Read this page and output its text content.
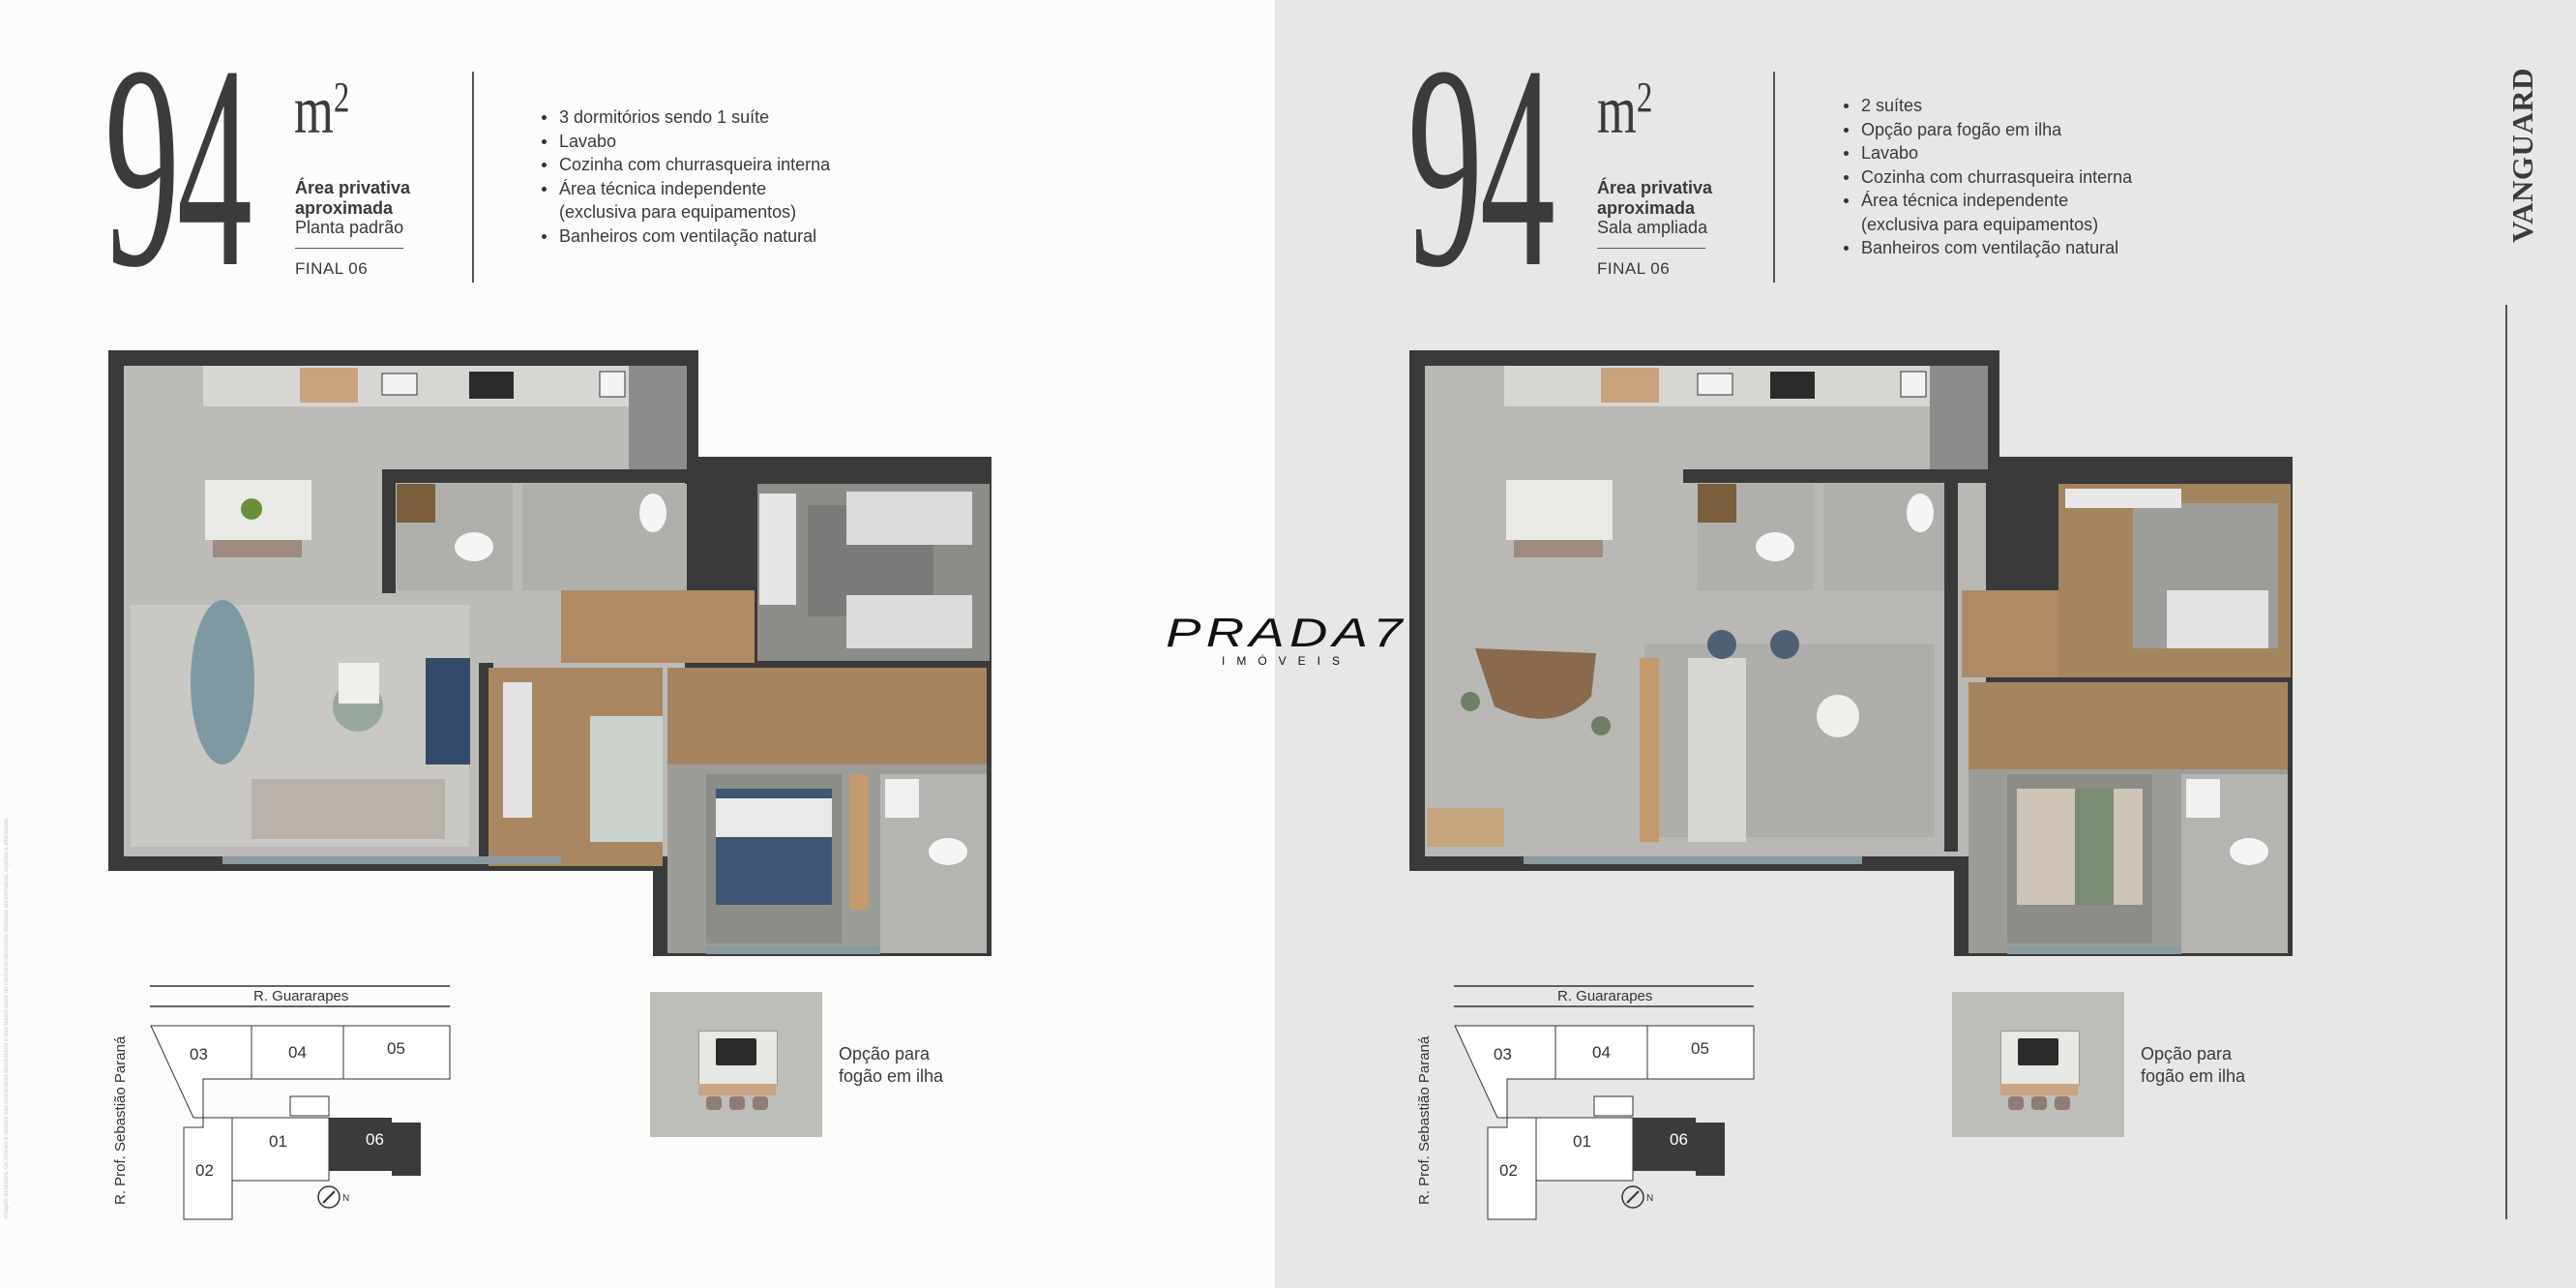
Imagem ilustrativa. Os móveis e objetos são meramente decorativos e não fazem parte do memorial descritivo. Medidas aproximadas, sujeitas a alterações.
94 $m^2$
Área privativa aproximada
Planta padrão
FINAL 06
3 dormitórios sendo 1 suíte
Lavabo
Cozinha com churrasqueira interna
Área técnica independente
(exclusiva para equipamentos)
Banheiros com ventilação natural 94 $m^2$
Área privativa aproximada
Sala ampliada
FINAL 06
2 suítes
Opção para fogão em ilha
Lavabo
Cozinha com churrasqueira interna
Área técnica independente
(exclusiva para equipamentos)
Banheiros com ventilação natural
VANGUARD
R. Guararapes
R. Prof. Sebastião Paraná	03	04	05
01	06
02
N
R. Guararapes
R. Prof. Sebastião Paraná	03	04	05
01	06
02
N
Opção para fogão em ilha
Opção para fogão em ilha
PRADA7
IMÓVEIS
